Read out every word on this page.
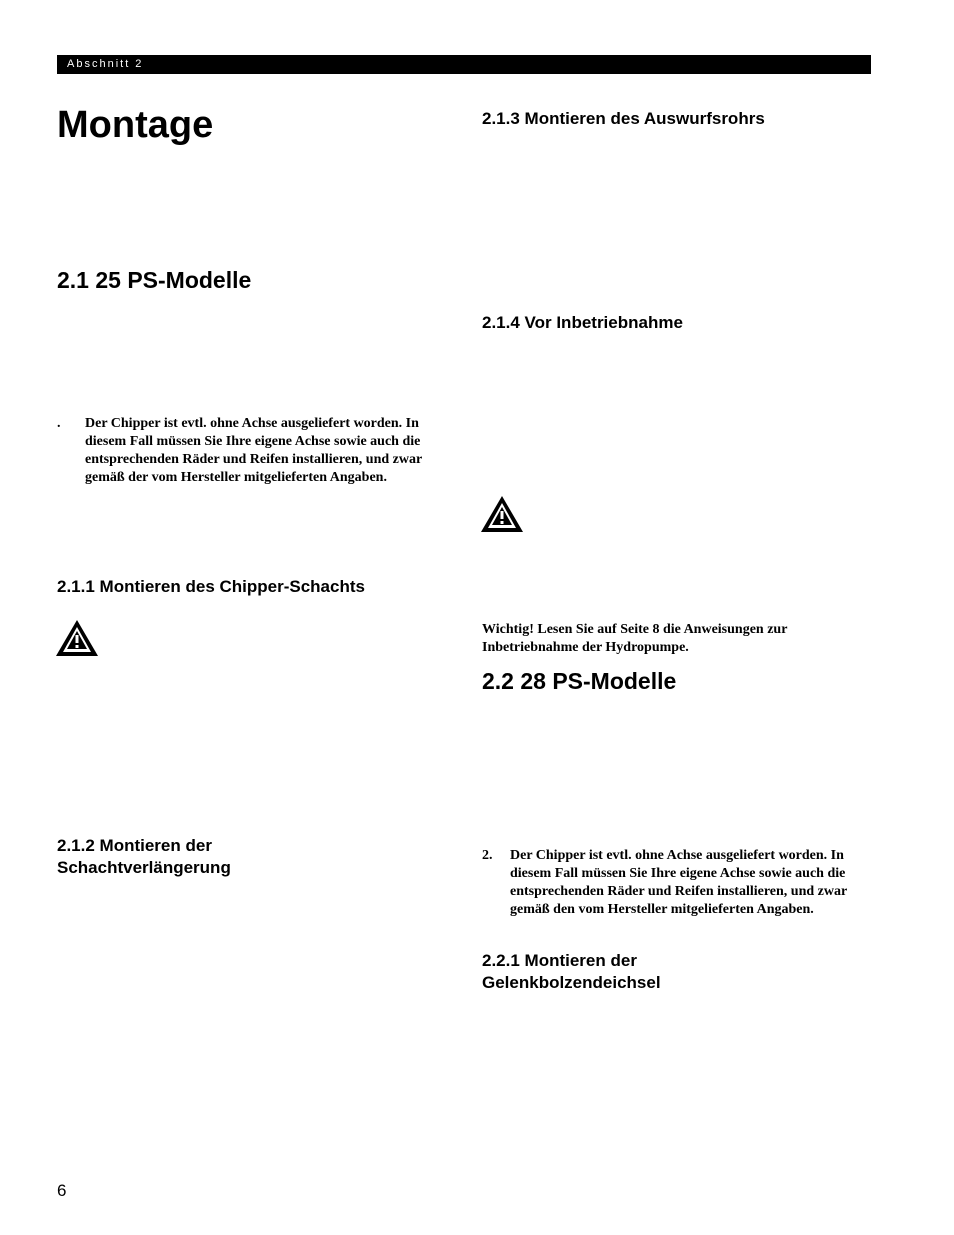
Abschnitt 2
Montage
2.1 25 PS-Modelle
.	Der Chipper ist evtl. ohne Achse ausgeliefert worden. In diesem Fall müssen Sie Ihre eigene Achse sowie auch die entsprechenden Räder und Reifen installieren, und zwar gemäß der vom Hersteller mitgelieferten Angaben.
2.1.1 Montieren des Chipper-Schachts
2.1.2 Montieren der
Schachtverlängerung
2.1.3 Montieren des Auswurfsrohrs
2.1.4 Vor Inbetriebnahme
Wichtig! Lesen Sie auf Seite 8 die Anweisungen zur Inbetriebnahme der Hydropumpe.
2.2 28 PS-Modelle
2.	Der Chipper ist evtl. ohne Achse ausgeliefert worden. In diesem Fall müssen Sie Ihre eigene Achse sowie auch die entsprechenden Räder und Reifen installieren, und zwar gemäß den vom Hersteller mitgelieferten Angaben.
2.2.1 Montieren der
Gelenkbolzendeichsel
6
